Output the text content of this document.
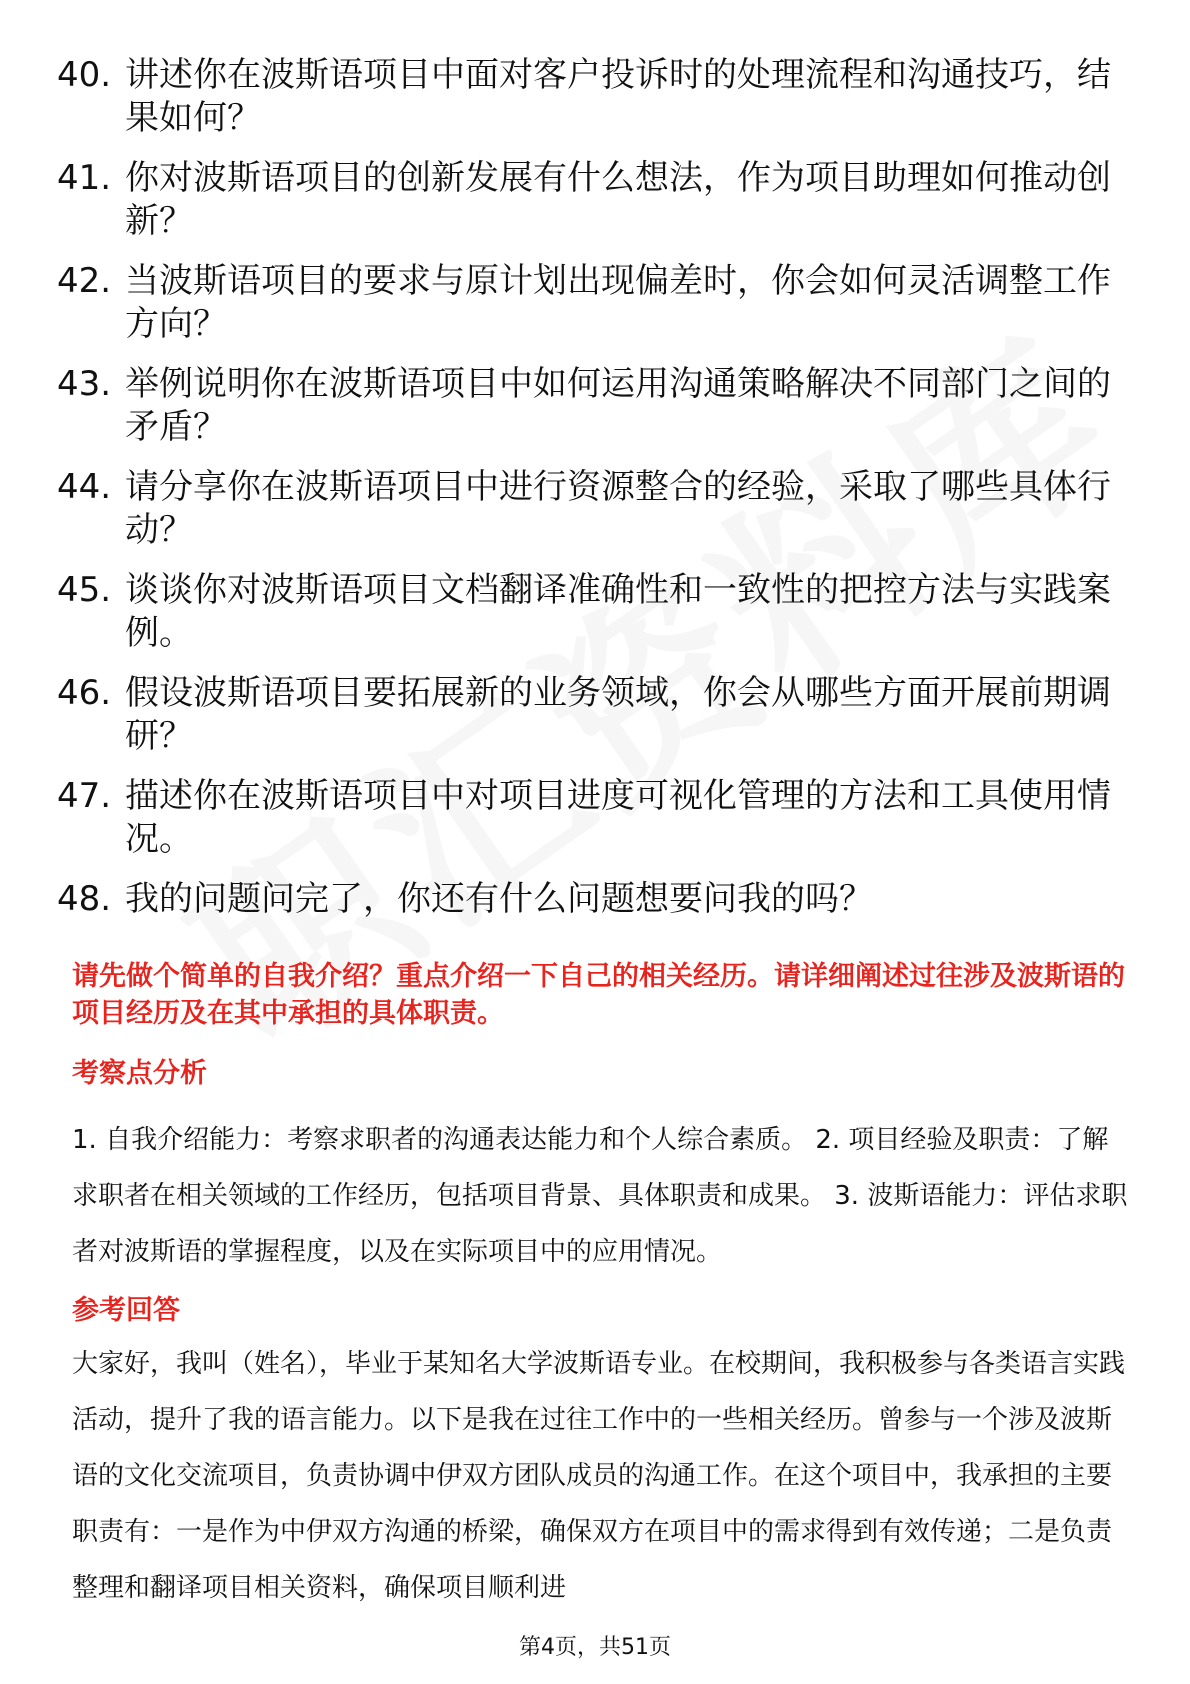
40. 讲述你在波斯语项目中面对客户投诉时的处理流程和沟通技巧，结果如何？
41. 你对波斯语项目的创新发展有什么想法，作为项目助理如何推动创新？
42. 当波斯语项目的要求与原计划出现偏差时，你会如何灵活调整工作方向？
43. 举例说明你在波斯语项目中如何运用沟通策略解决不同部门之间的矛盾？
44. 请分享你在波斯语项目中进行资源整合的经验，采取了哪些具体行动？
45. 谈谈你对波斯语项目文档翻译准确性和一致性的把控方法与实践案例。
46. 假设波斯语项目要拓展新的业务领域，你会从哪些方面开展前期调研？
47. 描述你在波斯语项目中对项目进度可视化管理的方法和工具使用情况。
48. 我的问题问完了，你还有什么问题想要问我的吗？
请先做个简单的自我介绍？重点介绍一下自己的相关经历。请详细阐述过往涉及波斯语的项目经历及在其中承担的具体职责。
考察点分析
1. 自我介绍能力：考察求职者的沟通表达能力和个人综合素质。 2. 项目经验及职责：了解求职者在相关领域的工作经历，包括项目背景、具体职责和成果。 3. 波斯语能力：评估求职者对波斯语的掌握程度，以及在实际项目中的应用情况。
参考回答
大家好，我叫（姓名），毕业于某知名大学波斯语专业。在校期间，我积极参与各类语言实践活动，提升了我的语言能力。以下是我在过往工作中的一些相关经历。曾参与一个涉及波斯语的文化交流项目，负责协调中伊双方团队成员的沟通工作。在这个项目中，我承担的主要职责有：一是作为中伊双方沟通的桥梁，确保双方在项目中的需求得到有效传递；二是负责整理和翻译项目相关资料，确保项目顺利进
第4页，共51页
